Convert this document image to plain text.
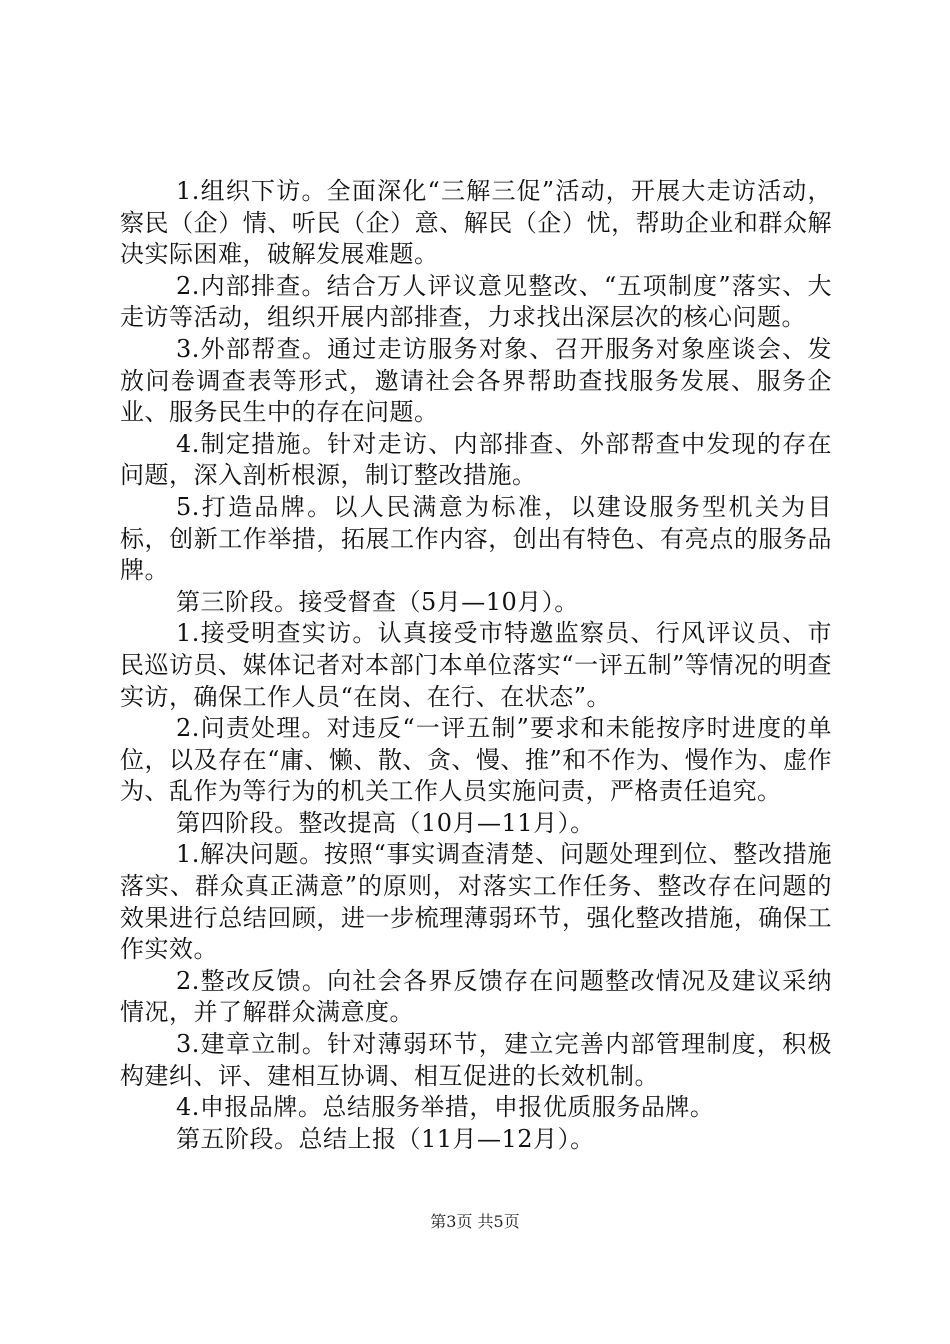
1.组织下访。全面深化“三解三促”活动，开展大走访活动，察民（企）情、听民（企）意、解民（企）忧，帮助企业和群众解决实际困难，破解发展难题。

2.内部排查。结合万人评议意见整改、“五项制度”落实、大走访等活动，组织开展内部排查，力求找出深层次的核心问题。

3.外部帮查。通过走访服务对象、召开服务对象座谈会、发放问卷调查表等形式，邀请社会各界帮助查找服务发展、服务企业、服务民生中的存在问题。

4.制定措施。针对走访、内部排查、外部帮查中发现的存在问题，深入剖析根源，制订整改措施。

5.打造品牌。以人民满意为标准，以建设服务型机关为目标，创新工作举措，拓展工作内容，创出有特色、有亮点的服务品牌。

第三阶段。接受督查（5月—10月）。

1.接受明查实访。认真接受市特邀监察员、行风评议员、市民巡访员、媒体记者对本部门本单位落实“一评五制”等情况的明查实访，确保工作人员“在岗、在行、在状态”。

2.问责处理。对违反“一评五制”要求和未能按序时进度的单位，以及存在“庸、懒、散、贪、慢、推”和不作为、慢作为、虚作为、乱作为等行为的机关工作人员实施问责，严格责任追究。

第四阶段。整改提高（10月—11月）。

1.解决问题。按照“事实调查清楚、问题处理到位、整改措施落实、群众真正满意”的原则，对落实工作任务、整改存在问题的效果进行总结回顾，进一步梳理薄弱环节，强化整改措施，确保工作实效。

2.整改反馈。向社会各界反馈存在问题整改情况及建议采纳情况，并了解群众满意度。

3.建章立制。针对薄弱环节，建立完善内部管理制度，积极构建纠、评、建相互协调、相互促进的长效机制。

4.申报品牌。总结服务举措，申报优质服务品牌。

第五阶段。总结上报（11月—12月）。

第3页 共5页
